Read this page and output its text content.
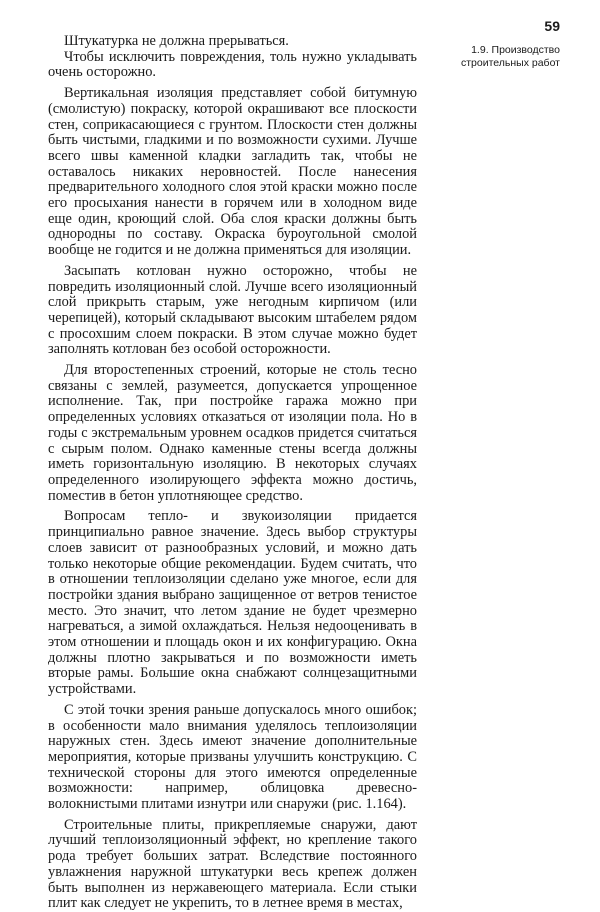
59
1.9. Производство строительных работ

Штукатурка не должна прерываться.

Чтобы исключить повреждения, толь нужно укладывать очень осторожно.

Вертикальная изоляция представляет собой битумную (смолистую) покраску, которой окрашивают все плоскости стен, соприкасающиеся с грунтом. Плоскости стен должны быть чистыми, гладкими и по возможности сухими. Лучше всего швы каменной кладки загладить так, чтобы не оставалось никаких неровностей. После нанесения предварительного холодного слоя этой краски можно после его просыхания нанести в горячем или в холодном виде еще один, кроющий слой. Оба слоя краски должны быть однородны по составу. Окраска буроугольной смолой вообще не годится и не должна применяться для изоляции.

Засыпать котлован нужно осторожно, чтобы не повредить изоляционный слой. Лучше всего изоляционный слой прикрыть старым, уже негодным кирпичом (или черепицей), который складывают высоким штабелем рядом с просохшим слоем покраски. В этом случае можно будет заполнять котлован без особой осторожности.

Для второстепенных строений, которые не столь тесно связаны с землей, разумеется, допускается упрощенное исполнение. Так, при постройке гаража можно при определенных условиях отказаться от изоляции пола. Но в годы с экстремальным уровнем осадков придется считаться с сырым полом. Однако каменные стены всегда должны иметь горизонтальную изоляцию. В некоторых случаях определенного изолирующего эффекта можно достичь, поместив в бетон уплотняющее средство.

Вопросам тепло- и звукоизоляции придается принципиально равное значение. Здесь выбор структуры слоев зависит от разнообразных условий, и можно дать только некоторые общие рекомендации. Будем считать, что в отношении теплоизоляции сделано уже многое, если для постройки здания выбрано защищенное от ветров тенистое место. Это значит, что летом здание не будет чрезмерно нагреваться, а зимой охлаждаться. Нельзя недооценивать в этом отношении и площадь окон и их конфигурацию. Окна должны плотно закрываться и по возможности иметь вторые рамы. Большие окна снабжают солнцезащитными устройствами.

С этой точки зрения раньше допускалось много ошибок; в особенности мало внимания уделялось теплоизоляции наружных стен. Здесь имеют значение дополнительные мероприятия, которые призваны улучшить конструкцию. С технической стороны для этого имеются определенные возможности: например, облицовка древесно-волокнистыми плитами изнутри или снаружи (рис. 1.164).

Строительные плиты, прикрепляемые снаружи, дают лучший теплоизоляционный эффект, но крепление такого рода требует больших затрат. Вследствие постоянного увлажнения наружной штукатурки весь крепеж должен быть выполнен из нержавеющего материала. Если стыки плит как следует не укрепить, то в летнее время в местах,
